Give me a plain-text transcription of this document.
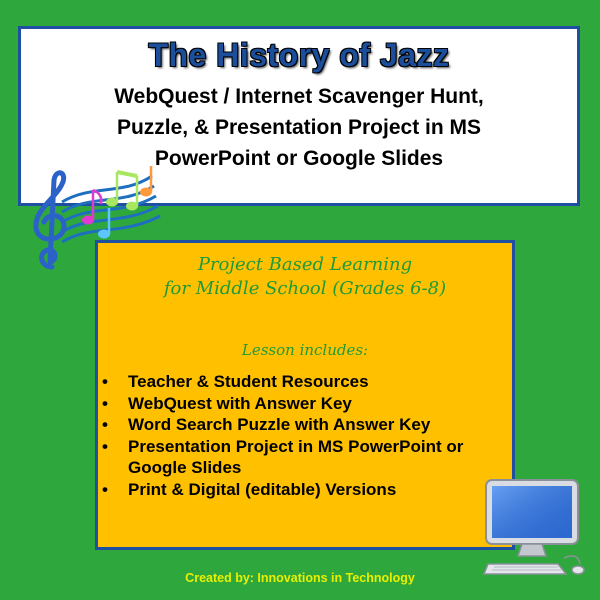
The History of Jazz
WebQuest / Internet Scavenger Hunt,
Puzzle, & Presentation Project in MS
PowerPoint or Google Slides
Project Based Learning
for Middle School (Grades 6-8)
Lesson includes:
• Teacher & Student Resources
• WebQuest with Answer Key
• Word Search Puzzle with Answer Key
• Presentation Project in MS PowerPoint or Google Slides
• Print & Digital (editable) Versions
Created by: Innovations in Technology
